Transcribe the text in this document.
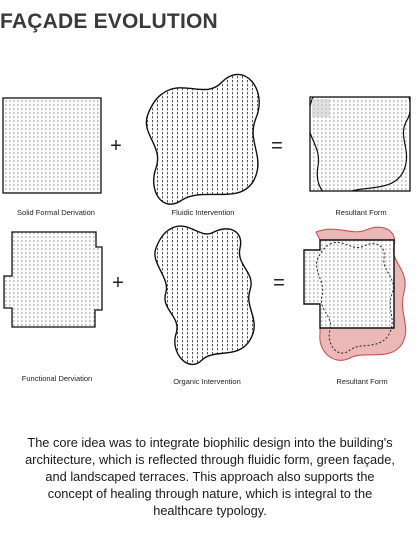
FAÇADE EVOLUTION
+	=
+	=
Solid Formal Derivation	Fluidic Intervention	Resultant Form
Functional Derviation	Organic Intervention	Resultant Form
The core idea was to integrate biophilic design into the building's architecture, which is reflected through fluidic form, green façade, and landscaped terraces. This approach also supports the concept of healing through nature, which is integral to the healthcare typology.
